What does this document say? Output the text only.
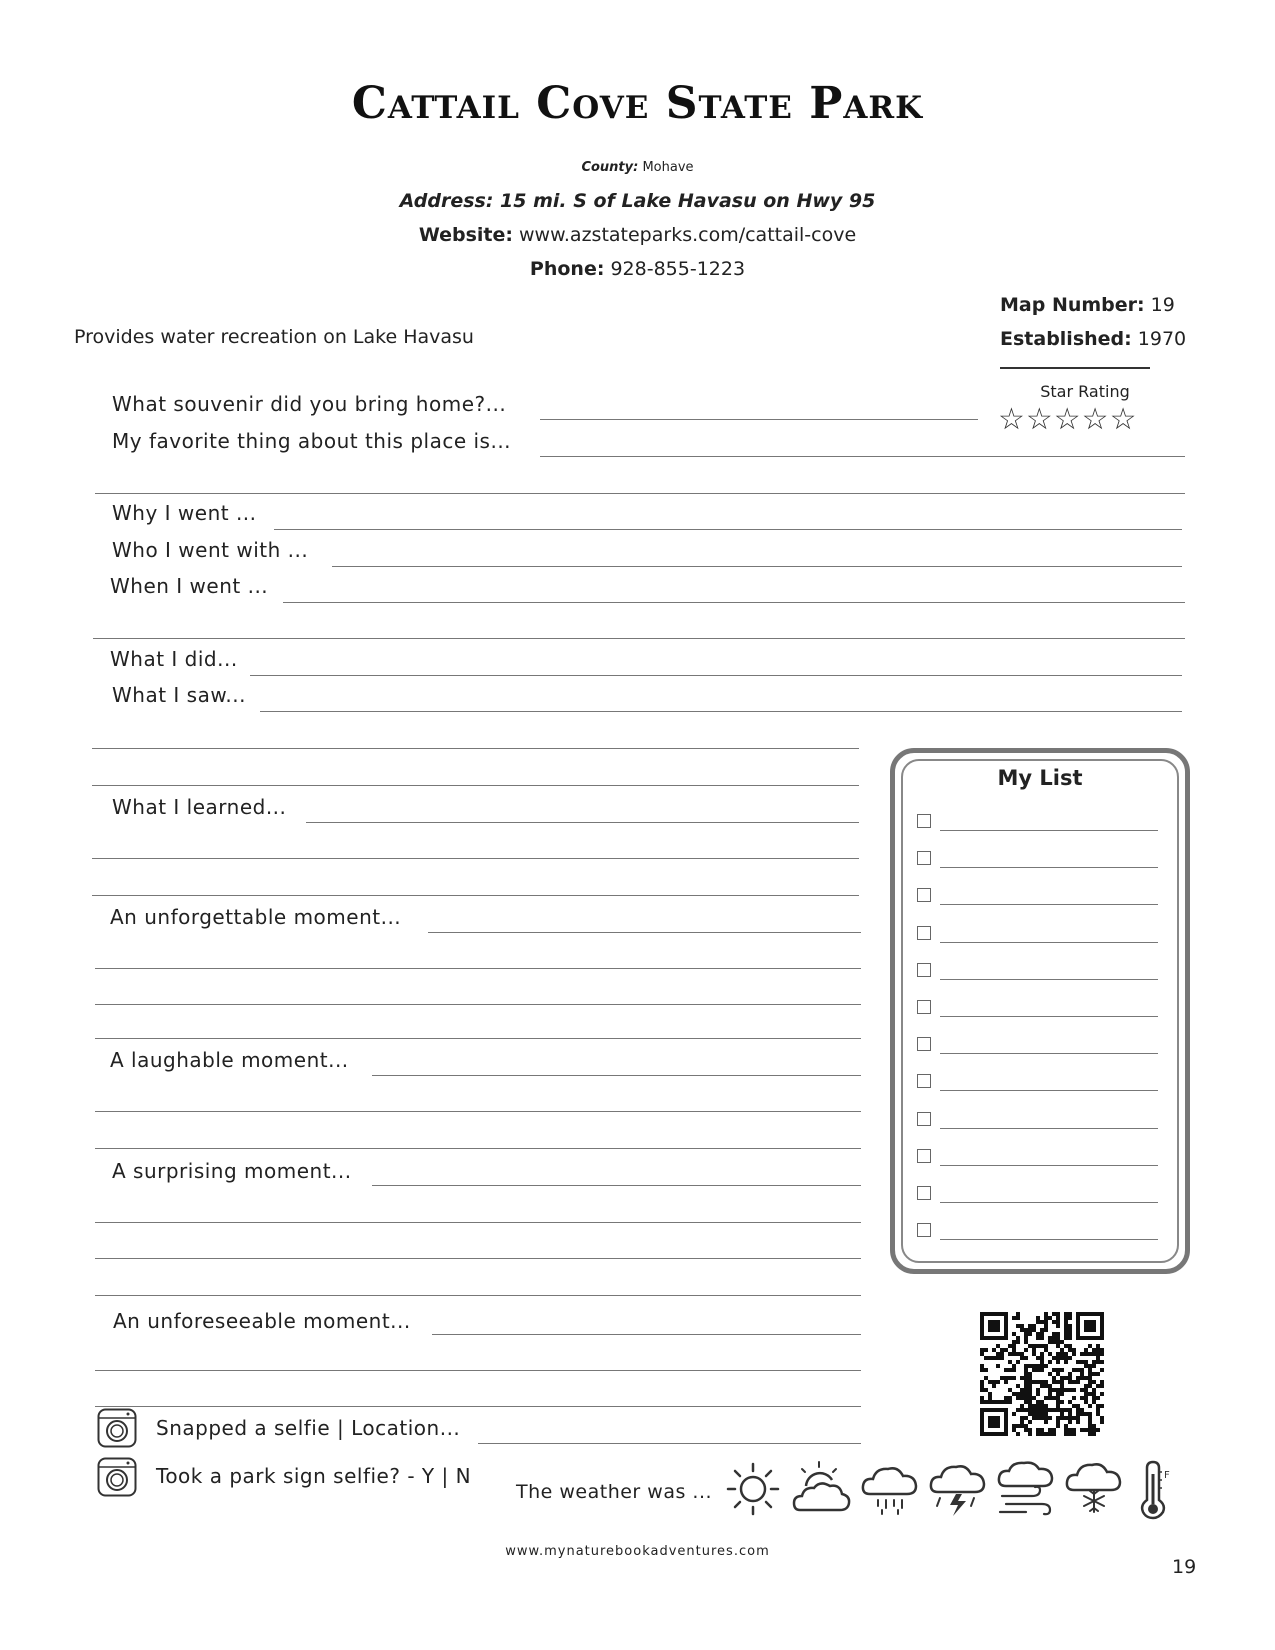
Cattail Cove State Park
County: Mohave
Address: 15 mi. S of Lake Havasu on Hwy 95
Website: www.azstateparks.com/cattail-cove
Phone: 928-855-1223
Map Number: 19
Established: 1970
Star Rating
☆☆☆☆☆
Provides water recreation on Lake Havasu
What souvenir did you bring home?...
My favorite thing about this place is...
Why I went ...
Who I went with ...
When I went ...
What I did...
What I saw...
What I learned...
An unforgettable moment...
A laughable moment...
A surprising moment...
An unforeseeable moment...
Snapped a selfie | Location...
Took a park sign selfie? - Y | N
The weather was ...
F
My List
www.mynaturebookadventures.com
19
